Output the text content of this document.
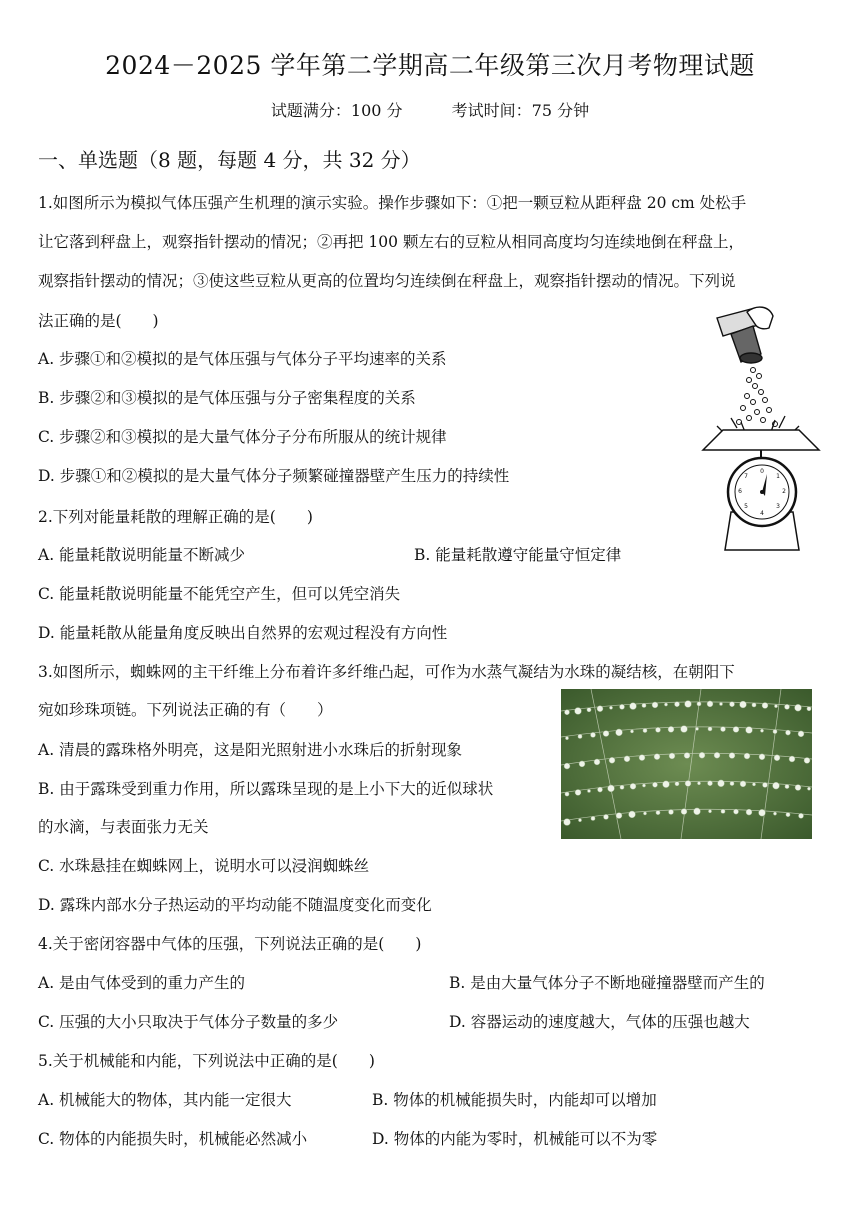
2024－2025 学年第二学期高二年级第三次月考物理试题
试题满分：100 分	考试时间：75 分钟
一、单选题（8 题，每题 4 分，共 32 分）
1.如图所示为模拟气体压强产生机理的演示实验。操作步骤如下：①把一颗豆粒从距秤盘 20 cm 处松手
让它落到秤盘上，观察指针摆动的情况；②再把 100 颗左右的豆粒从相同高度均匀连续地倒在秤盘上，
观察指针摆动的情况；③使这些豆粒从更高的位置均匀连续倒在秤盘上，观察指针摆动的情况。下列说
法正确的是(　　)
A. 步骤①和②模拟的是气体压强与气体分子平均速率的关系
B. 步骤②和③模拟的是气体压强与分子密集程度的关系
C. 步骤②和③模拟的是大量气体分子分布所服从的统计规律
D. 步骤①和②模拟的是大量气体分子频繁碰撞器壁产生压力的持续性	0
1
2
3
4
5
6
7
2.下列对能量耗散的理解正确的是(　　)
A. 能量耗散说明能量不断减少	B. 能量耗散遵守能量守恒定律
C. 能量耗散说明能量不能凭空产生，但可以凭空消失
D. 能量耗散从能量角度反映出自然界的宏观过程没有方向性
3.如图所示，蜘蛛网的主干纤维上分布着许多纤维凸起，可作为水蒸气凝结为水珠的凝结核，在朝阳下
宛如珍珠项链。下列说法正确的有（　　）
A. 清晨的露珠格外明亮，这是阳光照射进小水珠后的折射现象
B. 由于露珠受到重力作用，所以露珠呈现的是上小下大的近似球状
的水滴，与表面张力无关
C. 水珠悬挂在蜘蛛网上，说明水可以浸润蜘蛛丝
D. 露珠内部水分子热运动的平均动能不随温度变化而变化
4.关于密闭容器中气体的压强，下列说法正确的是(　　)
A. 是由气体受到的重力产生的	B. 是由大量气体分子不断地碰撞器壁而产生的
C. 压强的大小只取决于气体分子数量的多少	D. 容器运动的速度越大，气体的压强也越大
5.关于机械能和内能，下列说法中正确的是(　　)
A. 机械能大的物体，其内能一定很大	B. 物体的机械能损失时，内能却可以增加
C. 物体的内能损失时，机械能必然减小	D. 物体的内能为零时，机械能可以不为零
